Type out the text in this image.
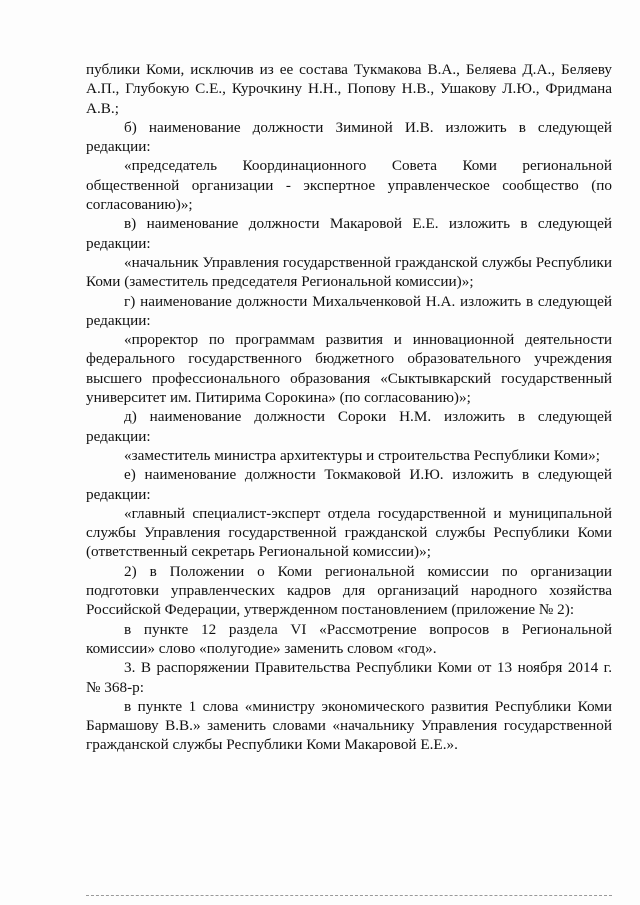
публики Коми, исключив из ее состава Тукмакова В.А., Беляева Д.А., Беляеву А.П., Глубокую С.Е., Курочкину Н.Н., Попову Н.В., Ушакову Л.Ю., Фридмана А.В.;

б) наименование должности Зиминой И.В. изложить в следующей редакции:

«председатель Координационного Совета Коми региональной общественной организации - экспертное управленческое сообщество (по согласованию)»;

в) наименование должности Макаровой Е.Е. изложить в следующей редакции:

«начальник Управления государственной гражданской службы Республики Коми (заместитель председателя Региональной комиссии)»;

г) наименование должности Михальченковой Н.А. изложить в следующей редакции:

«проректор по программам развития и инновационной деятельности федерального государственного бюджетного образовательного учреждения высшего профессионального образования «Сыктывкарский государственный университет им. Питирима Сорокина» (по согласованию)»;

д) наименование должности Сороки Н.М. изложить в следующей редакции:

«заместитель министра архитектуры и строительства Республики Коми»;

е) наименование должности Токмаковой И.Ю. изложить в следующей редакции:

«главный специалист-эксперт отдела государственной и муниципальной службы Управления государственной гражданской службы Республики Коми (ответственный секретарь Региональной комиссии)»;

2) в Положении о Коми региональной комиссии по организации подготовки управленческих кадров для организаций народного хозяйства Российской Федерации, утвержденном постановлением (приложение № 2):

в пункте 12 раздела VI «Рассмотрение вопросов в Региональной комиссии» слово «полугодие» заменить словом «год».

3. В распоряжении Правительства Республики Коми от 13 ноября 2014 г. № 368-р:

в пункте 1 слова «министру экономического развития Республики Коми Бармашову В.В.» заменить словами «начальнику Управления государственной гражданской службы Республики Коми Макаровой Е.Е.».
